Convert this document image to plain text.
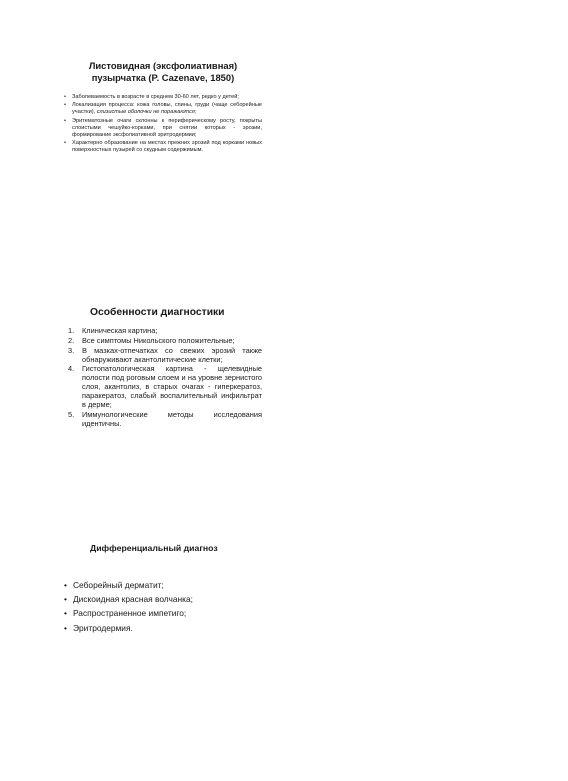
Листовидная (эксфолиативная)
пузырчатка (P. Cazenave, 1850)

• Заболеваемость в возрасте в среднем 30-60 лет, редко у детей;
• Локализация процесса: кожа головы, спины, груди (чаще себорейные участки), слизистые оболочки не поражаются;
• Эритематозные очаги склонны к периферическому росту, покрыты слоистыми чешуйко-корками, при снятии которых - эрозии, формирование эксфолиативной эритродермии;
• Характерно образование на местах прежних эрозий под корками новых поверхностных пузырей со скудным содержимым.

Особенности диагностики

1. Клиническая картина;
2. Все симптомы Никольского положительные;
3. В мазках-отпечатках со свежих эрозий также обнаруживают акантолитические клетки;
4. Гистопатологическая картина - щелевидные полости под роговым слоем и на уровне зернистого слоя, акантолиз, в старых очагах - гиперкератоз, паракератоз, слабый воспалительный инфильтрат в дерме;
5. Иммунологические методы исследования идентичны.

Дифференциальный диагноз

• Себорейный дерматит;
• Дискоидная красная волчанка;
• Распространенное импетиго;
• Эритродермия.
